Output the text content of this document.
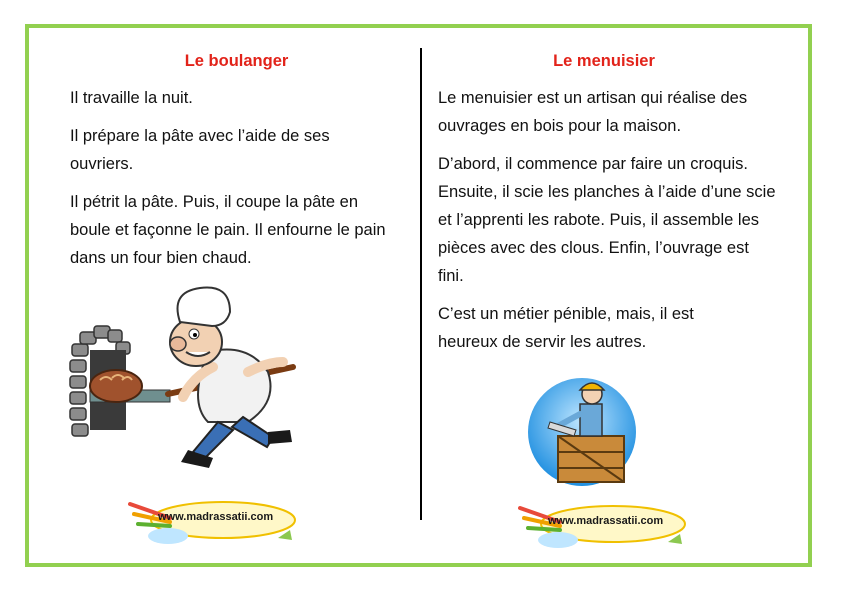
Le boulanger

Il travaille la nuit.

Il prépare la pâte avec l’aide de ses ouvriers.

Il pétrit la pâte. Puis, il coupe la pâte en boule et façonne le pain. Il enfourne le pain dans un four bien chaud.

Le menuisier

Le menuisier est un artisan qui réalise des ouvrages en bois pour la maison.

D’abord, il commence par faire un croquis. Ensuite, il scie les planches à l’aide d’une scie et l’apprenti les rabote. Puis, il assemble les pièces avec des clous. Enfin, l’ouvrage est fini.

C’est un métier pénible, mais, il est heureux de servir les autres.

www.madrassatii.com	www.madrassatii.com
